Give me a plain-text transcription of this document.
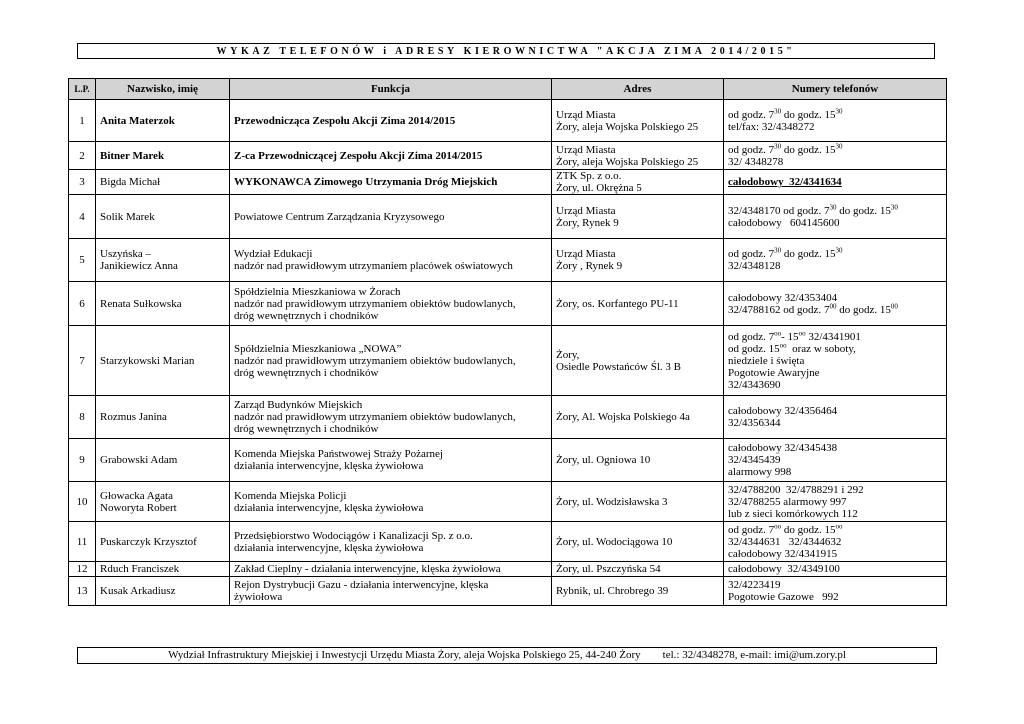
WYKAZ TELEFONÓW i ADRESY KIEROWNICTWA "AKCJA ZIMA 2014/2015"
L.P.	Nazwisko, imię	Funkcja	Adres	Numery telefonów
1	Anita Materzok	Przewodnicząca Zespołu Akcji Zima 2014/2015	Urząd Miasta
Żory, aleja Wojska Polskiego 25	od godz. $7^{30}$ do godz. $15^{30}$
tel/fax: 32/4348272

2	Bitner Marek	Z-ca Przewodniczącej Zespołu Akcji Zima 2014/2015	Urząd Miasta
Żory, aleja Wojska Polskiego 25	od godz. $7^{30}$ do godz. $15^{30}$
32/ 4348278

3	Bigda Michał	WYKONAWCA Zimowego Utrzymania Dróg Miejskich	ZTK Sp. z o.o.
Żory, ul. Okrężna 5	całodobowy  32/4341634

4	Solik Marek	Powiatowe Centrum Zarządzania Kryzysowego	Urząd Miasta
Żory, Rynek 9	32/4348170 od godz. $7^{30}$ do godz. $15^{30}$
całodobowy   604145600

5	Uszyńska –
Janikiewicz Anna	Wydział Edukacji
nadzór nad prawidłowym utrzymaniem placówek oświatowych	Urząd Miasta
Żory , Rynek 9	od godz. $7^{30}$ do godz. $15^{30}$
32/4348128

6	Renata Sułkowska	Spółdzielnia Mieszkaniowa w Żorach
nadzór nad prawidłowym utrzymaniem obiektów budowlanych,
dróg wewnętrznych i chodników	Żory, os. Korfantego PU-11	całodobowy 32/4353404
32/4788162 od godz. $7^{00}$ do godz. $15^{00}$

7	Starzykowski Marian	Spółdzielnia Mieszkaniowa „NOWA”
nadzór nad prawidłowym utrzymaniem obiektów budowlanych,
dróg wewnętrznych i chodników	Żory,
Osiedle Powstańców Śl. 3 B	od godz. $7^{oo}-$ $15^{oo}$ 32/4341901
od godz. $15^{oo}$  oraz w soboty,
niedziele i święta
Pogotowie Awaryjne
32/4343690

8	Rozmus Janina	Zarząd Budynków Miejskich
nadzór nad prawidłowym utrzymaniem obiektów budowlanych,
dróg wewnętrznych i chodników	Żory, Al. Wojska Polskiego 4a	całodobowy 32/4356464
32/4356344

9	Grabowski Adam	Komenda Miejska Państwowej Straży Pożarnej
działania interwencyjne, klęska żywiołowa	Żory, ul. Ogniowa 10	całodobowy 32/4345438
32/4345439
alarmowy 998

10	Głowacka Agata
Noworyta Robert	Komenda Miejska Policji
działania interwencyjne, klęska żywiołowa	Żory, ul. Wodzisławska 3	32/4788200  32/4788291 i 292
32/4788255 alarmowy 997
lub z sieci komórkowych 112

11	Puskarczyk Krzysztof	Przedsiębiorstwo Wodociągów i Kanalizacji Sp. z o.o.
działania interwencyjne, klęska żywiołowa	Żory, ul. Wodociągowa 10	od godz. $7^{oo}$ do godz. $15^{oo}$
32/4344631   32/4344632
całodobowy 32/4341915

12	Rduch Franciszek	Zakład Cieplny - działania interwencyjne, klęska żywiołowa	Żory, ul. Pszczyńska 54	całodobowy  32/4349100

13	Kusak Arkadiusz	Rejon Dystrybucji Gazu - działania interwencyjne, klęska
żywiołowa	Rybnik, ul. Chrobrego 39	32/4223419
Pogotowie Gazowe   992
Wydział Infrastruktury Miejskiej i Inwestycji Urzędu Miasta Żory, aleja Wojska Polskiego 25, 44-240 Żory tel.: 32/4348278, e-mail: imi@um.zory.pl
